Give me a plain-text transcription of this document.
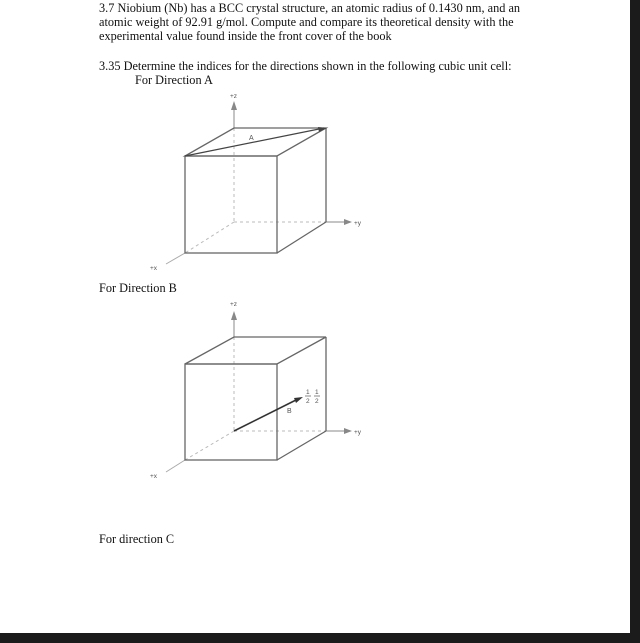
3.7 Niobium (Nb) has a BCC crystal structure, an atomic radius of 0.1430 nm, and an
atomic weight of 92.91 g/mol. Compute and compare its theoretical density with the
experimental value found inside the front cover of the book
3.35 Determine the indices for the directions shown in the following cubic unit cell:
For Direction A
+z
+y
+x
A
For Direction B
+z
+y
+x
B
1
2
1
2
For direction C
